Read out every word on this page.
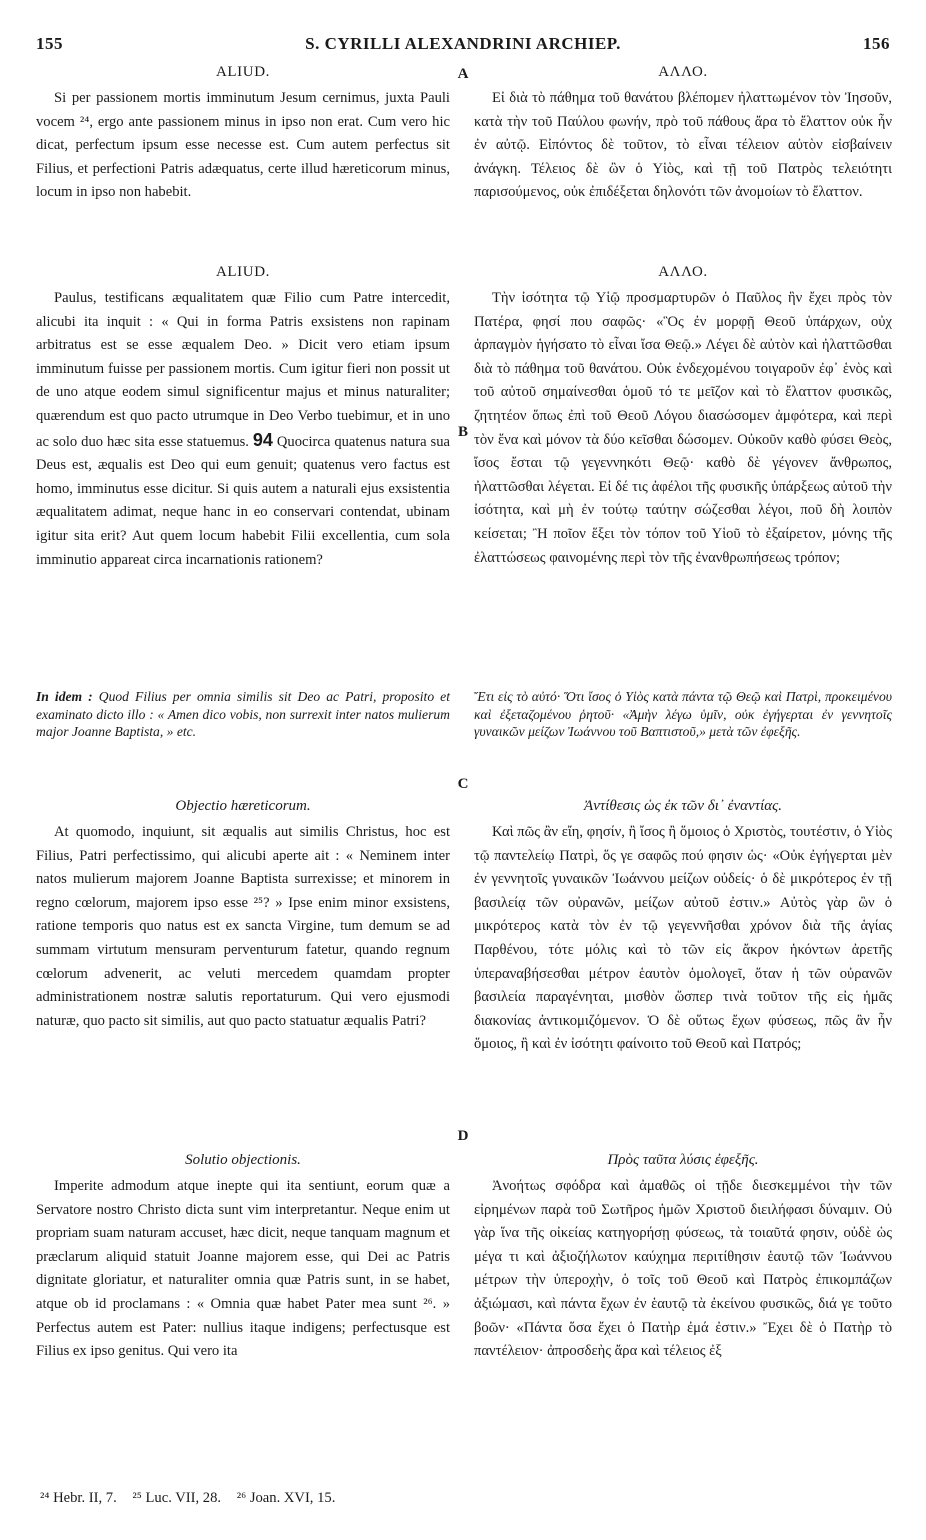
155	S. CYRILLI ALEXANDRINI ARCHIEP.	156
A
B
C
D
ALIUD.

Si per passionem mortis imminutum Jesum cernimus, juxta Pauli vocem ²⁴, ergo ante passionem minus in ipso non erat. Cum vero hic dicat, perfectum ipsum esse necesse est. Cum autem perfectus sit Filius, et perfectioni Patris adæquatus, certe illud hæreticorum minus, locum in ipso non habebit.

ALIUD.

Paulus, testificans æqualitatem quæ Filio cum Patre intercedit, alicubi ita inquit : « Qui in forma Patris exsistens non rapinam arbitratus est se esse æqualem Deo. » Dicit vero etiam ipsum imminutum fuisse per passionem mortis. Cum igitur fieri non possit ut de uno atque eodem simul significentur majus et minus naturaliter; quærendum est quo pacto utrumque in Deo Verbo tuebimur, et in uno ac solo duo hæc sita esse statuemus. 94 Quocirca quatenus natura sua Deus est, æqualis est Deo qui eum genuit; quatenus vero factus est homo, imminutus esse dicitur. Si quis autem a naturali ejus exsistentia æqualitatem adimat, neque hanc in eo conservari contendat, ubinam igitur sita erit? Aut quem locum habebit Filii excellentia, cum sola imminutio appareat circa incarnationis rationem?

In idem : Quod Filius per omnia similis sit Deo ac Patri, proposito et examinato dicto illo : « Amen dico vobis, non surrexit inter natos mulierum major Joanne Baptista, » etc.

Objectio hæreticorum.

At quomodo, inquiunt, sit æqualis aut similis Christus, hoc est Filius, Patri perfectissimo, qui alicubi aperte ait : « Neminem inter natos mulierum majorem Joanne Baptista surrexisse; et minorem in regno cœlorum, majorem ipso esse ²⁵? » Ipse enim minor exsistens, ratione temporis quo natus est ex sancta Virgine, tum demum se ad summam virtutum mensuram perventurum fatetur, quando regnum cœlorum advenerit, ac veluti mercedem quamdam propter administrationem nostræ salutis reportaturum. Qui vero ejusmodi naturæ, quo pacto sit similis, aut quo pacto statuatur æqualis Patri?

Solutio objectionis.

Imperite admodum atque inepte qui ita sentiunt, eorum quæ a Servatore nostro Christo dicta sunt vim interpretantur. Neque enim ut propriam suam naturam accuset, hæc dicit, neque tanquam magnum et præclarum aliquid statuit Joanne majorem esse, qui Dei ac Patris dignitate gloriatur, et naturaliter omnia quæ Patris sunt, in se habet, atque ob id proclamans : « Omnia quæ habet Pater mea sunt ²⁶. » Perfectus autem est Pater: nullius itaque indigens; perfectusque est Filius ex ipso genitus. Qui vero ita

ΑΛΛΟ.

Εἰ διὰ τὸ πάθημα τοῦ θανάτου βλέπομεν ἠλαττωμένον τὸν Ἰησοῦν, κατὰ τὴν τοῦ Παύλου φωνήν, πρὸ τοῦ πάθους ἄρα τὸ ἔλαττον οὐκ ἦν ἐν αὐτῷ. Εἰπόντος δὲ τοῦτον, τὸ εἶναι τέλειον αὐτὸν εἰσβαίνειν ἀνάγκη. Τέλειος δὲ ὢν ὁ Υἱὸς, καὶ τῇ τοῦ Πατρὸς τελειότητι παρισούμενος, οὐκ ἐπιδέξεται δηλονότι τῶν ἀνομοίων τὸ ἔλαττον.

ΑΛΛΟ.

Τὴν ἰσότητα τῷ Υἱῷ προσμαρτυρῶν ὁ Παῦλος ἣν ἔχει πρὸς τὸν Πατέρα, φησί που σαφῶς· «Ὃς ἐν μορφῇ Θεοῦ ὑπάρχων, οὐχ ἁρπαγμὸν ἡγήσατο τὸ εἶναι ἴσα Θεῷ.» Λέγει δὲ αὐτὸν καὶ ἠλαττῶσθαι διὰ τὸ πάθημα τοῦ θανάτου. Οὐκ ἐνδεχομένου τοιγαροῦν ἐφ᾽ ἑνὸς καὶ τοῦ αὐτοῦ σημαίνεσθαι ὁμοῦ τό τε μεῖζον καὶ τὸ ἔλαττον φυσικῶς, ζητητέον ὅπως ἐπὶ τοῦ Θεοῦ Λόγου διασώσομεν ἀμφότερα, καὶ περὶ τὸν ἕνα καὶ μόνον τὰ δύο κεῖσθαι δώσομεν. Οὐκοῦν καθὸ φύσει Θεὸς, ἴσος ἔσται τῷ γεγεννηκότι Θεῷ· καθὸ δὲ γέγονεν ἄνθρωπος, ἠλαττῶσθαι λέγεται. Εἰ δέ τις ἀφέλοι τῆς φυσικῆς ὑπάρξεως αὐτοῦ τὴν ἰσότητα, καὶ μὴ ἐν τούτῳ ταύτην σώζεσθαι λέγοι, ποῦ δὴ λοιπὸν κείσεται; Ἢ ποῖον ἕξει τὸν τόπον τοῦ Υἱοῦ τὸ ἐξαίρετον, μόνης τῆς ἐλαττώσεως φαινομένης περὶ τὸν τῆς ἐνανθρωπήσεως τρόπον;

Ἔτι εἰς τὸ αὐτό· Ὅτι ἴσος ὁ Υἱὸς κατὰ πάντα τῷ Θεῷ καὶ Πατρὶ, προκειμένου καὶ ἐξεταζομένου ῥητοῦ· «Ἀμὴν λέγω ὑμῖν, οὐκ ἐγήγερται ἐν γεννητοῖς γυναικῶν μείζων Ἰωάννου τοῦ Βαπτιστοῦ,» μετὰ τῶν ἐφεξῆς.

Ἀντίθεσις ὡς ἐκ τῶν δι᾽ ἐναντίας.

Καὶ πῶς ἂν εἴη, φησίν, ἢ ἴσος ἢ ὅμοιος ὁ Χριστὸς, τουτέστιν, ὁ Υἱὸς τῷ παντελείῳ Πατρὶ, ὅς γε σαφῶς πού φησιν ὡς· «Οὐκ ἐγήγερται μὲν ἐν γεννητοῖς γυναικῶν Ἰωάννου μείζων οὐδείς· ὁ δὲ μικρότερος ἐν τῇ βασιλείᾳ τῶν οὐρανῶν, μείζων αὐτοῦ ἐστιν.» Αὐτὸς γὰρ ὢν ὁ μικρότερος κατὰ τὸν ἐν τῷ γεγεννῆσθαι χρόνον διὰ τῆς ἁγίας Παρθένου, τότε μόλις καὶ τὸ τῶν εἰς ἄκρον ἡκόντων ἀρετῆς ὑπεραναβήσεσθαι μέτρον ἑαυτὸν ὁμολογεῖ, ὅταν ἡ τῶν οὐρανῶν βασιλεία παραγένηται, μισθὸν ὥσπερ τινὰ τοῦτον τῆς εἰς ἡμᾶς διακονίας ἀντικομιζόμενον. Ὁ δὲ οὕτως ἔχων φύσεως, πῶς ἂν ἦν ὅμοιος, ἢ καὶ ἐν ἰσότητι φαίνοιτο τοῦ Θεοῦ καὶ Πατρός;

Πρὸς ταῦτα λύσις ἐφεξῆς.

Ἀνοήτως σφόδρα καὶ ἀμαθῶς οἱ τῇδε διεσκεμμένοι τὴν τῶν εἰρημένων παρὰ τοῦ Σωτῆρος ἡμῶν Χριστοῦ διειλήφασι δύναμιν. Οὐ γὰρ ἵνα τῆς οἰκείας κατηγορήσῃ φύσεως, τὰ τοιαῦτά φησιν, οὐδὲ ὡς μέγα τι καὶ ἀξιοζήλωτον καύχημα περιτίθησιν ἑαυτῷ τῶν Ἰωάννου μέτρων τὴν ὑπεροχὴν, ὁ τοῖς τοῦ Θεοῦ καὶ Πατρὸς ἐπικομπάζων ἀξιώμασι, καὶ πάντα ἔχων ἐν ἑαυτῷ τὰ ἐκείνου φυσικῶς, διά γε τοῦτο βοῶν· «Πάντα ὅσα ἔχει ὁ Πατὴρ ἐμά ἐστιν.» Ἔχει δὲ ὁ Πατὴρ τὸ παντέλειον· ἀπροσδεὴς ἄρα καὶ τέλειος ἐξ

²⁴ Hebr. II, 7. ²⁵ Luc. VII, 28. ²⁶ Joan. XVI, 15.
